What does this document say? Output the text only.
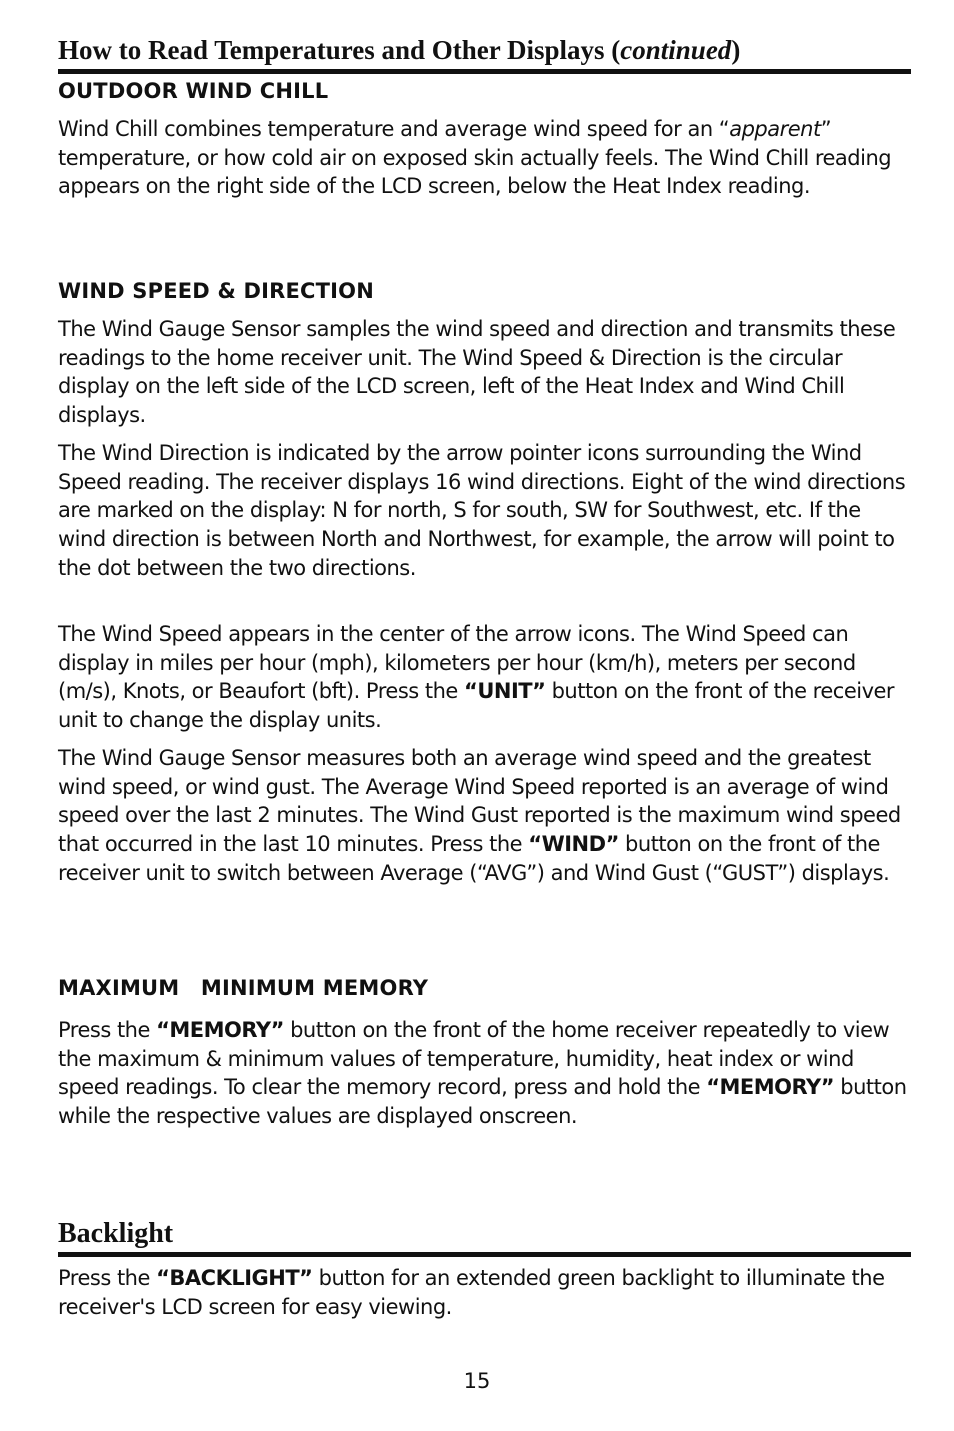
How to Read Temperatures and Other Displays (continued)
OUTDOOR WIND CHILL

Wind Chill combines temperature and average wind speed for an “apparent” temperature, or how cold air on exposed skin actually feels. The Wind Chill reading appears on the right side of the LCD screen, below the Heat Index reading.

WIND SPEED & DIRECTION

The Wind Gauge Sensor samples the wind speed and direction and transmits these readings to the home receiver unit. The Wind Speed & Direction is the circular display on the left side of the LCD screen, left of the Heat Index and Wind Chill displays.

The Wind Direction is indicated by the arrow pointer icons surrounding the Wind Speed reading. The receiver displays 16 wind directions. Eight of the wind directions are marked on the display: N for north, S for south, SW for Southwest, etc. If the wind direction is between North and Northwest, for example, the arrow will point to the dot between the two directions.

The Wind Speed appears in the center of the arrow icons. The Wind Speed can display in miles per hour (mph), kilometers per hour (km/h), meters per second (m/s), Knots, or Beaufort (bft). Press the “UNIT” button on the front of the receiver unit to change the display units.

The Wind Gauge Sensor measures both an average wind speed and the greatest wind speed, or wind gust. The Average Wind Speed reported is an average of wind speed over the last 2 minutes. The Wind Gust reported is the maximum wind speed that occurred in the last 10 minutes. Press the “WIND” button on the front of the receiver unit to switch between Average (“AVG”) and Wind Gust (“GUST”) displays.

MAXIMUM MINIMUM MEMORY

Press the “MEMORY” button on the front of the home receiver repeatedly to view the maximum & minimum values of temperature, humidity, heat index or wind speed readings. To clear the memory record, press and hold the “MEMORY” button while the respective values are displayed onscreen.

Backlight

Press the “BACKLIGHT” button for an extended green backlight to illuminate the receiver's LCD screen for easy viewing.

15
